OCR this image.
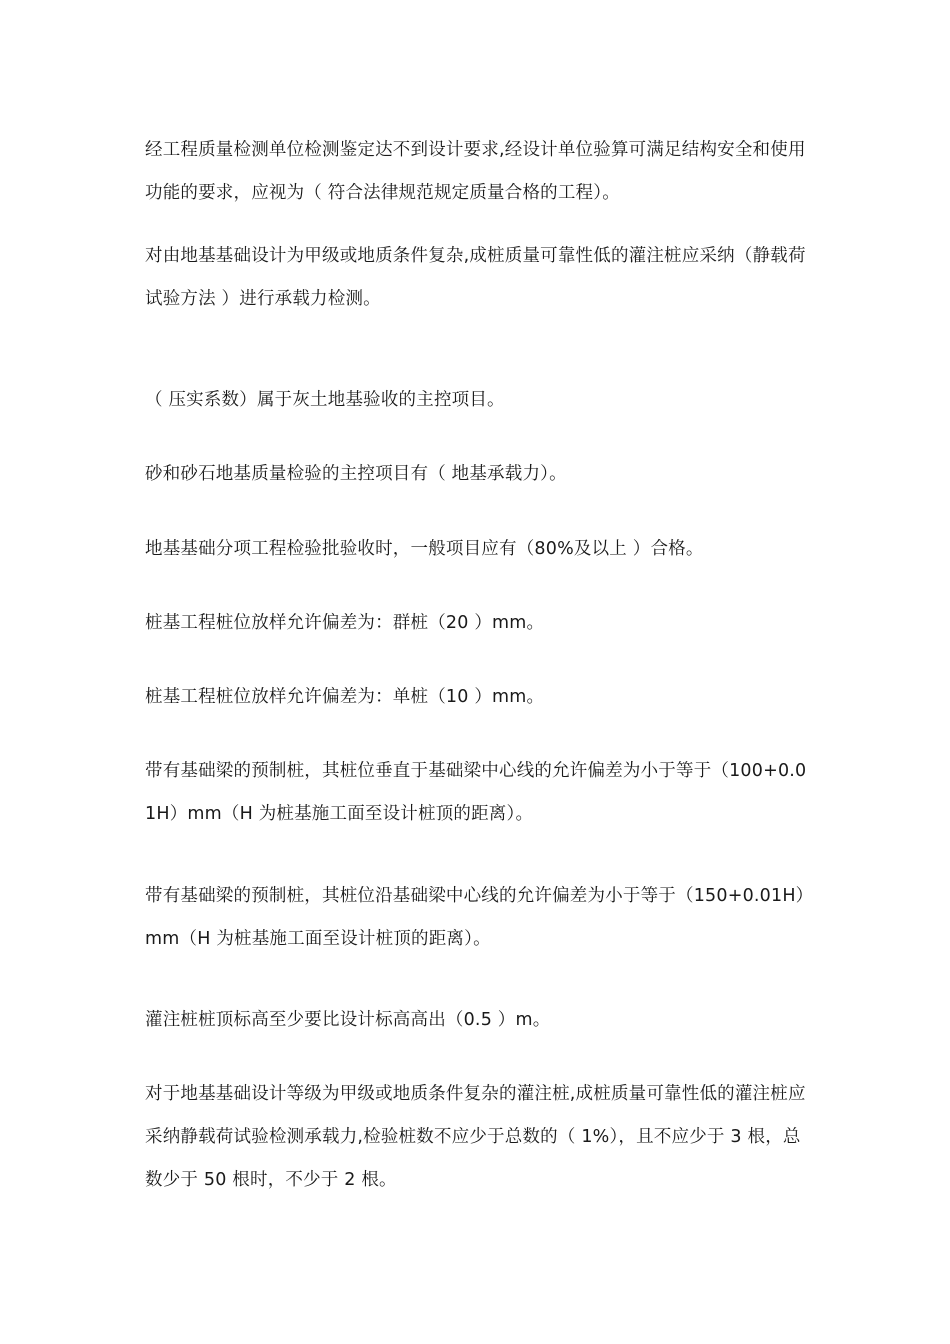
经工程质量检测单位检测鉴定达不到设计要求,经设计单位验算可满足结构安全和使用功能的要求，应视为（ 符合法律规范规定质量合格的工程）。
对由地基基础设计为甲级或地质条件复杂,成桩质量可靠性低的灌注桩应采纳（静载荷试验方法 ）进行承载力检测。
（ 压实系数）属于灰土地基验收的主控项目。
砂和砂石地基质量检验的主控项目有（ 地基承载力）。
地基基础分项工程检验批验收时，一般项目应有（80%及以上 ）合格。
桩基工程桩位放样允许偏差为：群桩（20 ）mm。
桩基工程桩位放样允许偏差为：单桩（10 ）mm。
带有基础梁的预制桩，其桩位垂直于基础梁中心线的允许偏差为小于等于（100+0.01H）mm（H 为桩基施工面至设计桩顶的距离）。
带有基础梁的预制桩，其桩位沿基础梁中心线的允许偏差为小于等于（150+0.01H）mm（H 为桩基施工面至设计桩顶的距离）。
灌注桩桩顶标高至少要比设计标高高出（0.5 ）m。
对于地基基础设计等级为甲级或地质条件复杂的灌注桩,成桩质量可靠性低的灌注桩应采纳静载荷试验检测承载力,检验桩数不应少于总数的（ 1%），且不应少于 3 根，总数少于 50 根时，不少于 2 根。
